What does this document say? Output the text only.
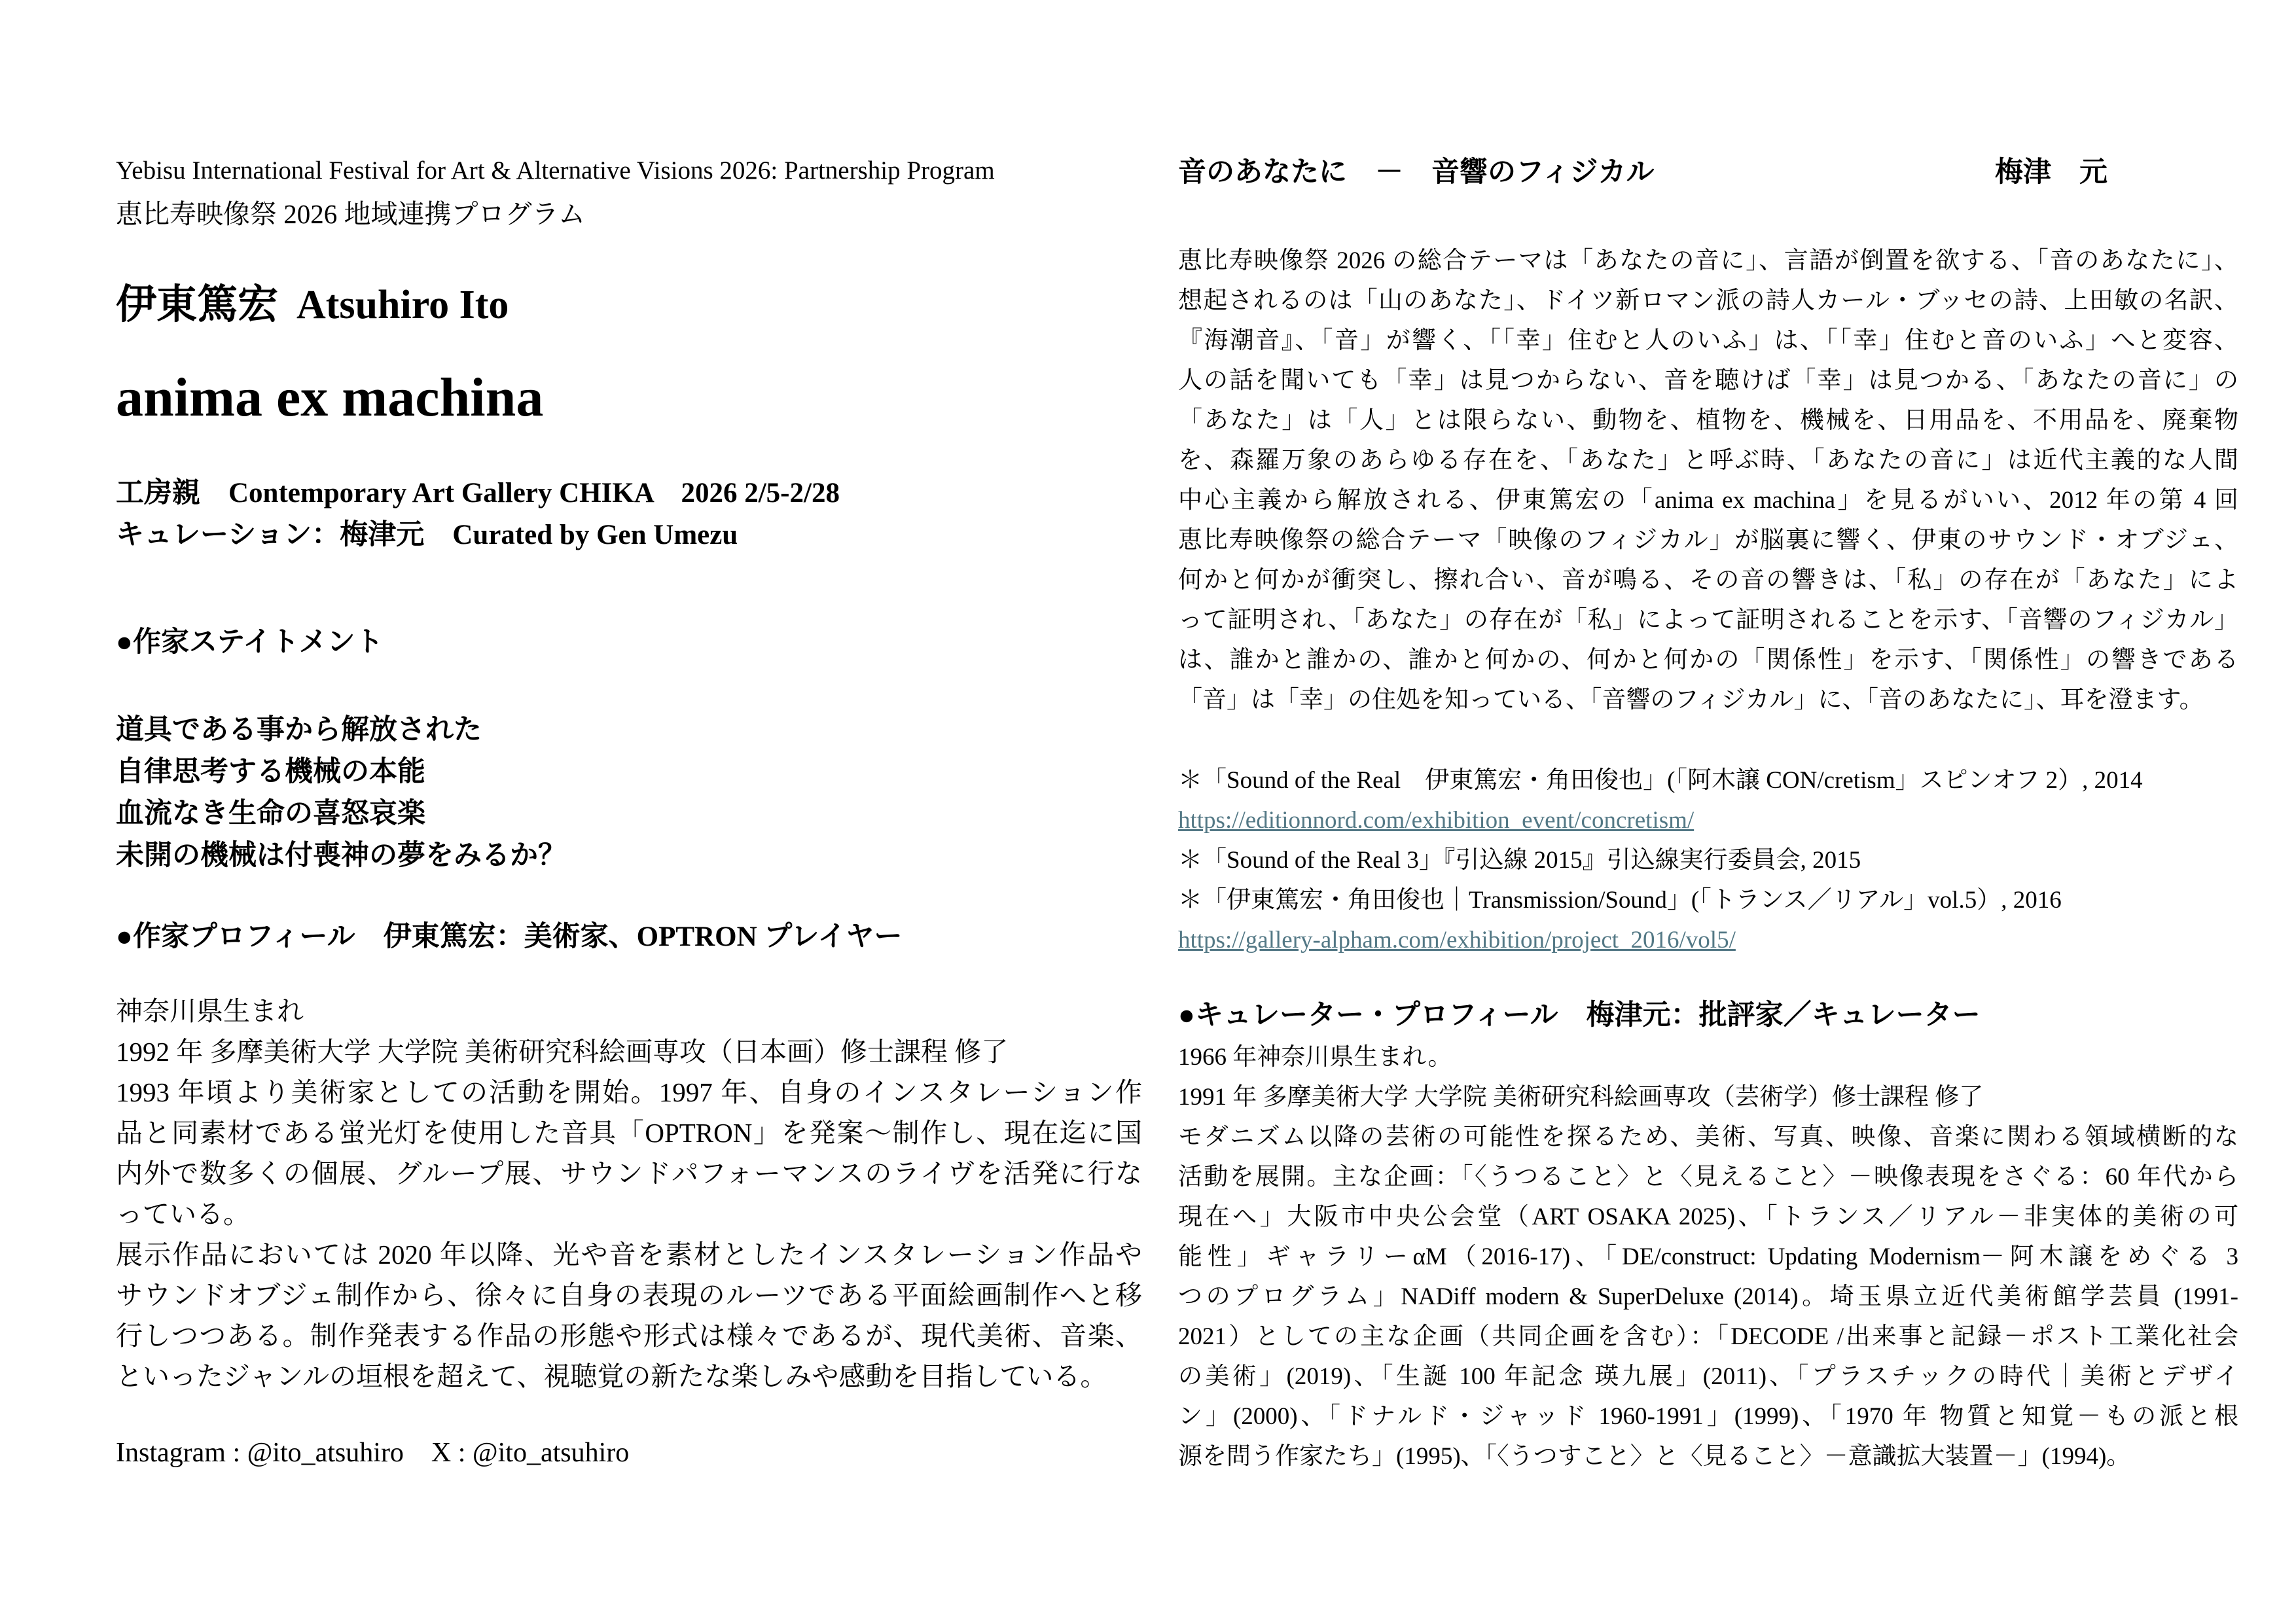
Yebisu International Festival for Art & Alternative Visions 2026: Partnership Program
恵比寿映像祭 2026 地域連携プログラム
伊東篤宏 Atsuhiro Ito
anima ex machina
工房親　Contemporary Art Gallery CHIKA　2026 2/5-2/28
キュレーション：梅津元　Curated by Gen Umezu
●作家ステイトメント
道具である事から解放された
自律思考する機械の本能
血流なき生命の喜怒哀楽
未開の機械は付喪神の夢をみるか？
●作家プロフィール　伊東篤宏：美術家、OPTRON プレイヤー
神奈川県生まれ
1992 年 多摩美術大学 大学院 美術研究科絵画専攻（日本画）修士課程 修了
1993 年頃より美術家としての活動を開始。1997 年、自身のインスタレーション作
品と同素材である蛍光灯を使用した音具「OPTRON」を発案〜制作し、現在迄に国
内外で数多くの個展、グループ展、サウンドパフォーマンスのライヴを活発に行な
っている。
展示作品においては 2020 年以降、光や音を素材としたインスタレーション作品や
サウンドオブジェ制作から、徐々に自身の表現のルーツである平面絵画制作へと移
行しつつある。制作発表する作品の形態や形式は様々であるが、現代美術、音楽、
といったジャンルの垣根を超えて、視聴覚の新たな楽しみや感動を目指している。
Instagram : @ito_atsuhiro　X : @ito_atsuhiro
音のあなたに　－　音響のフィジカル	梅津　元
恵比寿映像祭 2026 の総合テーマは「あなたの音に」、言語が倒置を欲する、「音のあなたに」、
想起されるのは「山のあなた」、ドイツ新ロマン派の詩人カール・ブッセの詩、上田敏の名訳、
『海潮音』、「音」が響く、「「幸」住むと人のいふ」は、「「幸」住むと音のいふ」へと変容、
人の話を聞いても「幸」は見つからない、音を聴けば「幸」は見つかる、「あなたの音に」の
「あなた」は「人」とは限らない、動物を、植物を、機械を、日用品を、不用品を、廃棄物
を、森羅万象のあらゆる存在を、「あなた」と呼ぶ時、「あなたの音に」は近代主義的な人間
中心主義から解放される、伊東篤宏の「anima ex machina」を見るがいい、2012 年の第 4 回
恵比寿映像祭の総合テーマ「映像のフィジカル」が脳裏に響く、伊東のサウンド・オブジェ、
何かと何かが衝突し、擦れ合い、音が鳴る、その音の響きは、「私」の存在が「あなた」によ
って証明され、「あなた」の存在が「私」によって証明されることを示す、「音響のフィジカル」
は、誰かと誰かの、誰かと何かの、何かと何かの「関係性」を示す、「関係性」の響きである
「音」は「幸」の住処を知っている、「音響のフィジカル」に、「音のあなたに」、耳を澄ます。
＊「Sound of the Real　伊東篤宏・角田俊也」(「阿木譲 CON/cretism」スピンオフ 2）, 2014
https://editionnord.com/exhibition_event/concretism/
＊「Sound of the Real 3」『引込線 2015』引込線実行委員会, 2015
＊「伊東篤宏・角田俊也｜Transmission/Sound」(「トランス／リアル」vol.5）, 2016
https://gallery-alpham.com/exhibition/project_2016/vol5/
●キュレーター・プロフィール　梅津元：批評家／キュレーター
1966 年神奈川県生まれ。
1991 年 多摩美術大学 大学院 美術研究科絵画専攻（芸術学）修士課程 修了
モダニズム以降の芸術の可能性を探るため、美術、写真、映像、音楽に関わる領域横断的な
活動を展開。主な企画：「〈うつること〉と〈見えること〉－映像表現をさぐる：60 年代から
現在へ」大阪市中央公会堂（ART OSAKA 2025)、「トランス／リアル－非実体的美術の可
能性」ギャラリーαM（2016-17)、「DE/construct: Updating Modernism－阿木譲をめぐる 3
つのプログラム」NADiff modern & SuperDeluxe (2014)。埼玉県立近代美術館学芸員 (1991-
2021）としての主な企画（共同企画を含む）：「DECODE /出来事と記録－ポスト工業化社会
の美術」(2019)、「生誕 100 年記念 瑛九展」(2011)、「プラスチックの時代｜美術とデザイ
ン」(2000)、「ドナルド・ジャッド 1960-1991」(1999)、「1970 年 物質と知覚－もの派と根
源を問う作家たち」(1995)、「〈うつすこと〉と〈見ること〉－意識拡大装置－」(1994)。
